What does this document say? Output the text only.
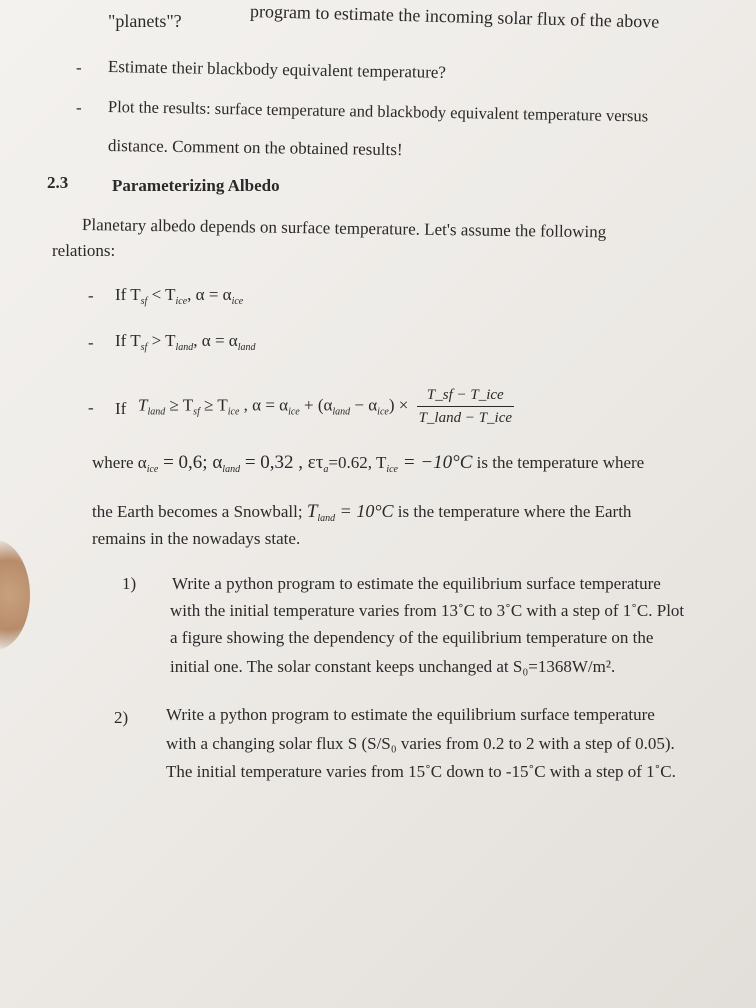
program to estimate the incoming solar flux of the above
"planets"?
- Estimate their blackbody equivalent temperature?
- Plot the results: surface temperature and blackbody equivalent temperature versus
distance. Comment on the obtained results!
2.3	Parameterizing Albedo
Planetary albedo depends on surface temperature. Let's assume the following
relations:
- If $T_{sf} < T_{ice}$, $\alpha = \alpha_{ice}$
- If $T_{sf} > T_{land}$, $\alpha = \alpha_{land}$
- If $T_{land} \ge T_{sf} \ge T_{ice}$ , $\alpha = \alpha_{ice} + (\alpha_{land} - \alpha_{ice}) \times \frac{\text{T\_sf − T\_ice}}{\text{T\_land − T\_ice}}$
where $\alpha_{ice} = 0,6$; $\alpha_{land} = 0,32$ , $\varepsilon\tau_a=0.62$, $T_{ice} = -10^\circ C$ is the temperature where
the Earth becomes a Snowball; $T_{land} = 10^\circ C$ is the temperature where the Earth
remains in the nowadays state.
1) Write a python program to estimate the equilibrium surface temperature
with the initial temperature varies from 13˚C to 3˚C with a step of 1˚C. Plot
a figure showing the dependency of the equilibrium temperature on the
initial one. The solar constant keeps unchanged at S₀=1368W/m².
2) Write a python program to estimate the equilibrium surface temperature
with a changing solar flux S (S/S₀ varies from 0.2 to 2 with a step of 0.05).
The initial temperature varies from 15˚C down to -15˚C with a step of 1˚C.
